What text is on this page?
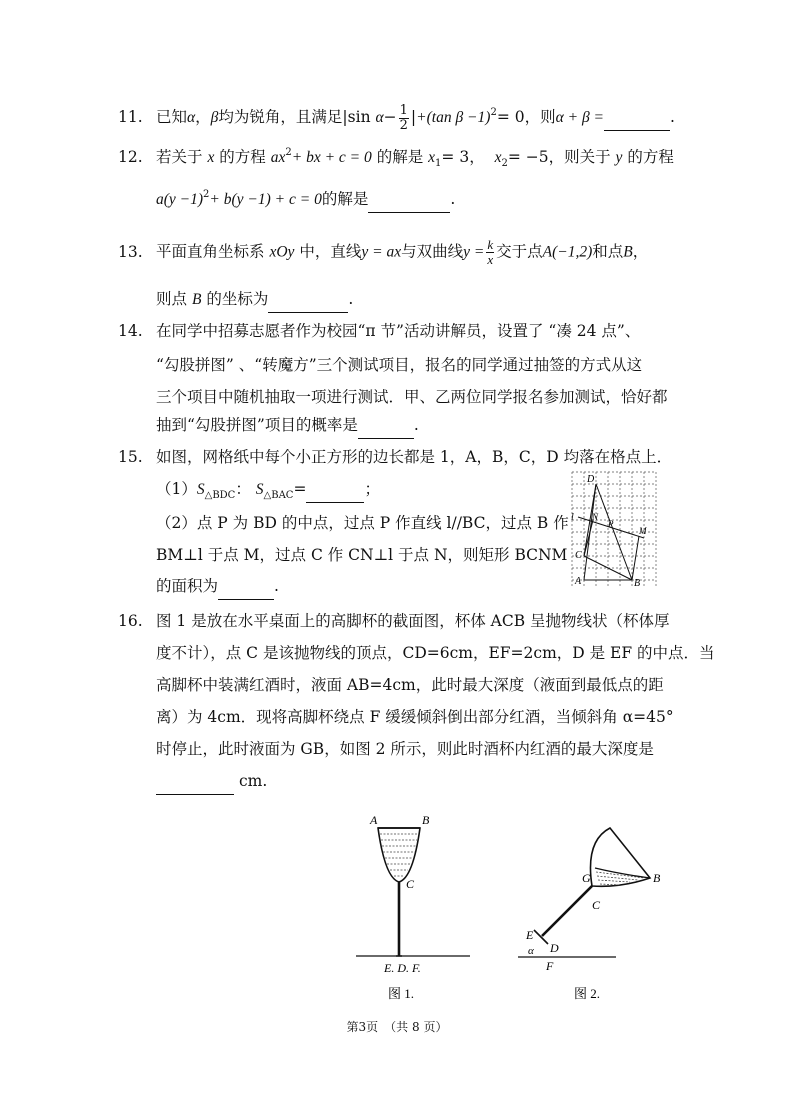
11. 已知α，β均为锐角，且满足|sin $\alpha- \frac{1}{2} |+(\tan$ β −1)$^2$= 0，则α + β =	.
12. 若关于 x 的方程 $ax^2+$ bx + c = 0 的解是 $x_1= 3$， $x_2= -5$，则关于 y 的方程
$a(y -1)^2+ b(y -1) + c = 0$的解是	.
13. 平面直角坐标系 xOy 中，直线y = ax与双曲线$y = \frac{k}{x}$ 交于点A(−1,2)和点B，
则点 B 的坐标为	.
14. 在同学中招募志愿者作为校园“π 节”活动讲解员，设置了 “凑 24 点”、
“勾股拼图” 、“转魔方”三个测试项目，报名的同学通过抽签的方式从这
三个项目中随机抽取一项进行测试．甲、乙两位同学报名参加测试，恰好都
抽到“勾股拼图”项目的概率是	.
15. 如图，网格纸中每个小正方形的边长都是 1，A，B，C，D 均落在格点上．
$(1)S_{\triangle BDC}$： $S_{\triangle BAC}=$	；
（2）点 P 为 BD 的中点，过点 P 作直线 l//BC，过点 B 作
BM⊥l 于点 M，过点 C 作 CN⊥l 于点 N，则矩形 BCNM
的面积为	.
D
l N
P
M
C
A	B
16. 图 1 是放在水平桌面上的高脚杯的截面图，杯体 ACB 呈抛物线状（杯体厚
度不计），点 C 是该抛物线的顶点，CD=6cm，EF=2cm，D 是 EF 的中点．当
高脚杯中装满红酒时，液面 AB=4cm，此时最大深度（液面到最低点的距
离）为 4cm．现将高脚杯绕点 F 缓缓倾斜倒出部分红酒，当倾斜角 α=45°
时停止，此时液面为 GB，如图 2 所示，则此时酒杯内红酒的最大深度是
cm.
A	B
C
E. D. F.
图 1.
G	B
C
E
α D
F
图 2.
第3页　（共 8 页）
